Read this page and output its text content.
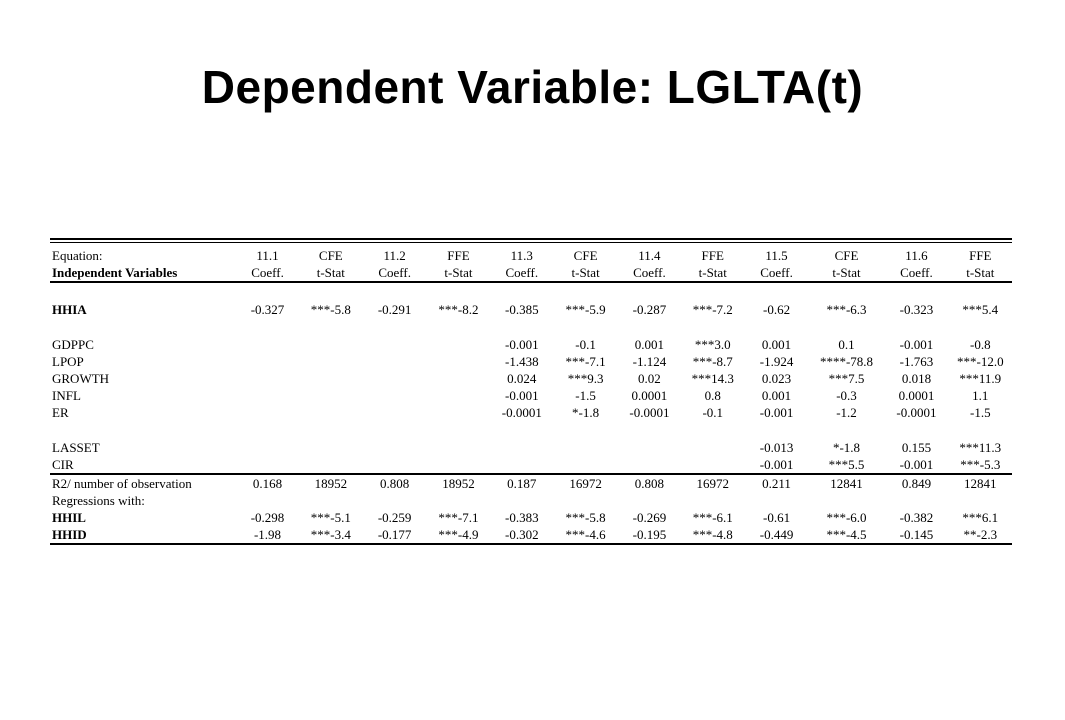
Dependent Variable: LGLTA(t)
Equation:	11.1	CFE	11.2	FFE	11.3	CFE	11.4	FFE	11.5	CFE	11.6	FFE
Independent Variables	Coeff.	t-Stat	Coeff.	t-Stat	Coeff.	t-Stat	Coeff.	t-Stat	Coeff.	t-Stat	Coeff.	t-Stat

HHIA	-0.327	***-5.8	-0.291	***-8.2	-0.385	***-5.9	-0.287	***-7.2	-0.62	***-6.3	-0.323	***5.4

GDPPC					-0.001	-0.1	0.001	***3.0	0.001	0.1	-0.001	-0.8
LPOP					-1.438	***-7.1	-1.124	***-8.7	-1.924	****-78.8	-1.763	***-12.0
GROWTH					0.024	***9.3	0.02	***14.3	0.023	***7.5	0.018	***11.9
INFL					-0.001	-1.5	0.0001	0.8	0.001	-0.3	0.0001	1.1
ER					-0.0001	*-1.8	-0.0001	-0.1	-0.001	-1.2	-0.0001	-1.5

LASSET									-0.013	*-1.8	0.155	***11.3
CIR									-0.001	***5.5	-0.001	***-5.3
R2/ number of observation	0.168	18952	0.808	18952	0.187	16972	0.808	16972	0.211	12841	0.849	12841
Regressions with:												
HHIL	-0.298	***-5.1	-0.259	***-7.1	-0.383	***-5.8	-0.269	***-6.1	-0.61	***-6.0	-0.382	***6.1
HHID	-1.98	***-3.4	-0.177	***-4.9	-0.302	***-4.6	-0.195	***-4.8	-0.449	***-4.5	-0.145	**-2.3
